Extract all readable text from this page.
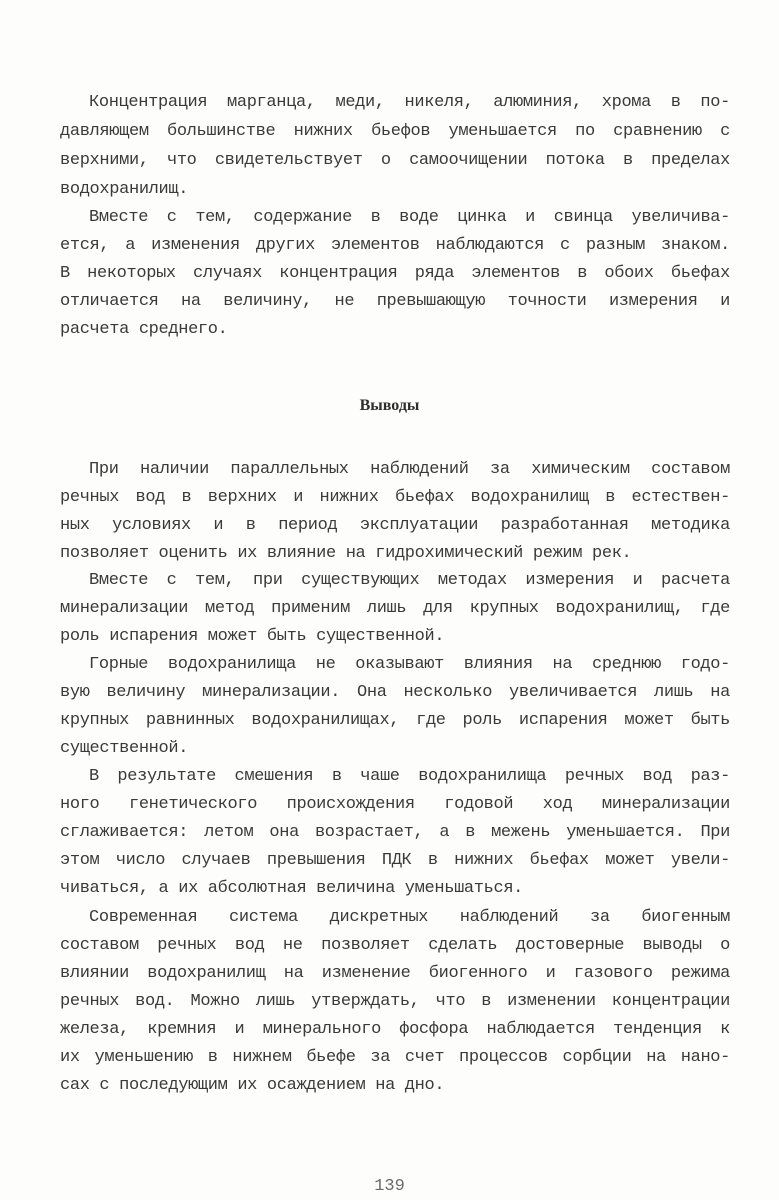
Концентрация марганца, меди, никеля, алюминия, хрома в по-
давляющем большинстве нижних бьефов уменьшается по сравнению с
верхними, что свидетельствует о самоочищении потока в пределах
водохранилищ.
Вместе с тем, содержание в воде цинка и свинца увеличива-
ется, а изменения других элементов наблюдаются с разным знаком.
В некоторых случаях концентрация ряда элементов в обоих бьефах
отличается на величину, не превышающую точности измерения и
расчета среднего.
Выводы
При наличии параллельных наблюдений за химическим составом
речных вод в верхних и нижних бьефах водохранилищ в естествен-
ных условиях и в период эксплуатации разработанная методика
позволяет оценить их влияние на гидрохимический режим рек.
Вместе с тем, при существующих методах измерения и расчета
минерализации метод применим лишь для крупных водохранилищ, где
роль испарения может быть существенной.
Горные водохранилища не оказывают влияния на среднюю годо-
вую величину минерализации. Она несколько увеличивается лишь на
крупных равнинных водохранилищах, где роль испарения может быть
существенной.
В результате смешения в чаше водохранилища речных вод раз-
ного генетического происхождения годовой ход минерализации
сглаживается: летом она возрастает, а в межень уменьшается. При
этом число случаев превышения ПДК в нижних бьефах может увели-
чиваться, а их абсолютная величина уменьшаться.
Современная система дискретных наблюдений за биогенным
составом речных вод не позволяет сделать достоверные выводы о
влиянии водохранилищ на изменение биогенного и газового режима
речных вод. Можно лишь утверждать, что в изменении концентрации
железа, кремния и минерального фосфора наблюдается тенденция к
их уменьшению в нижнем бьефе за счет процессов сорбции на нано-
сах с последующим их осаждением на дно.
139
